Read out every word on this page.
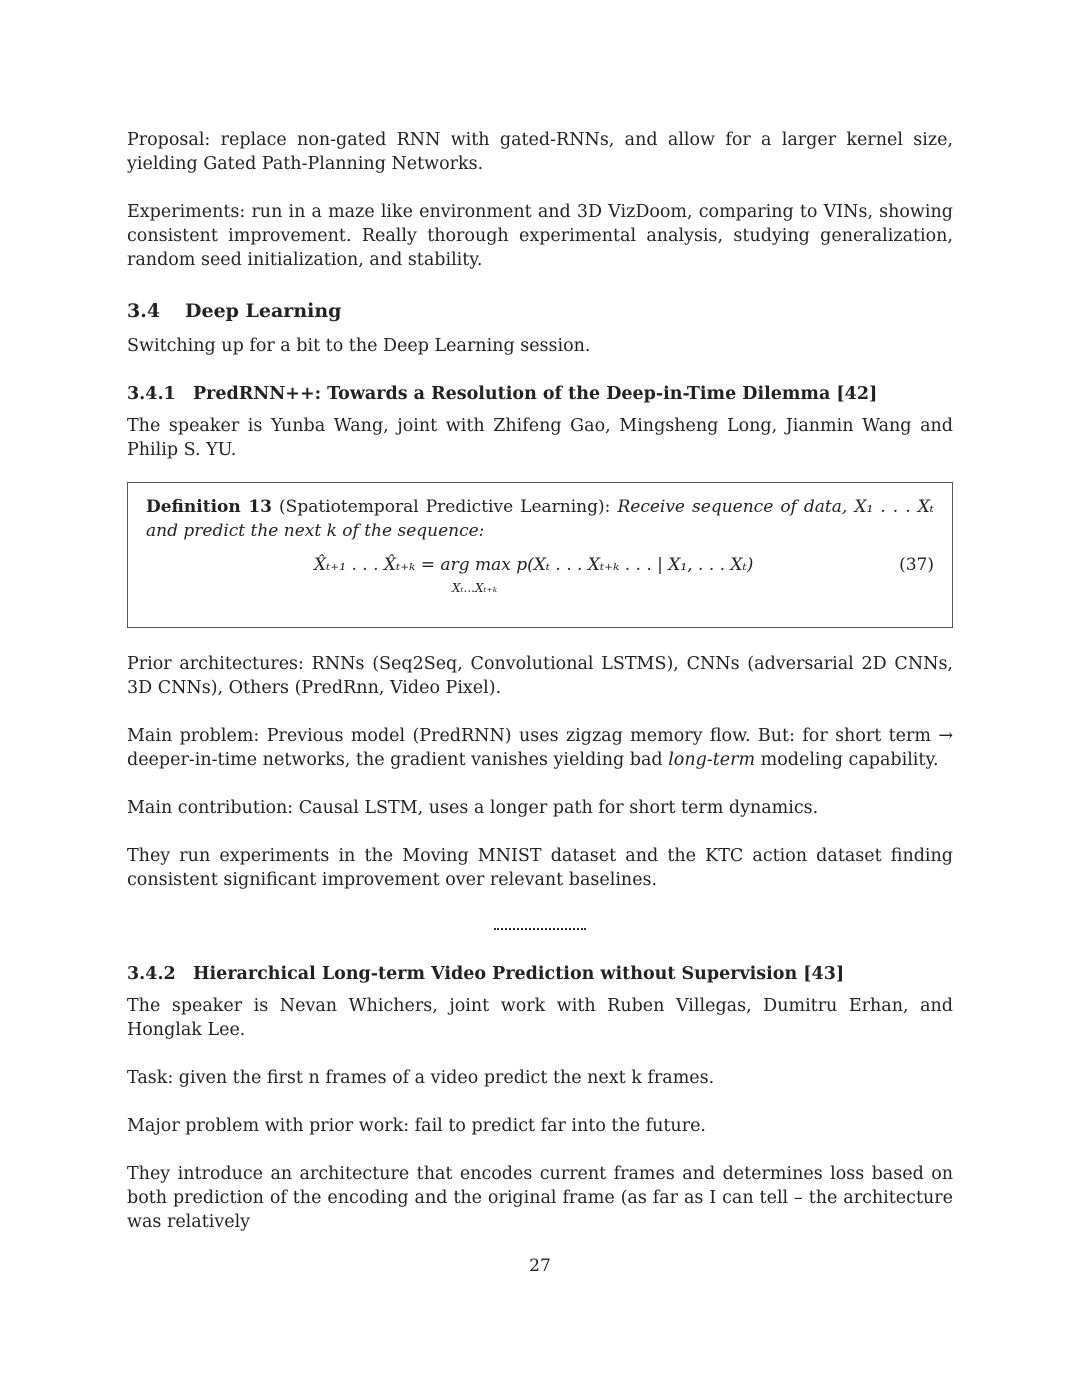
Proposal: replace non-gated RNN with gated-RNNs, and allow for a larger kernel size, yielding Gated Path-Planning Networks.

Experiments: run in a maze like environment and 3D VizDoom, comparing to VINs, showing consistent improvement. Really thorough experimental analysis, studying generalization, random seed initialization, and stability.

3.4 Deep Learning

Switching up for a bit to the Deep Learning session.

3.4.1 PredRNN++: Towards a Resolution of the Deep-in-Time Dilemma [42]

The speaker is Yunba Wang, joint with Zhifeng Gao, Mingsheng Long, Jianmin Wang and Philip S. YU.

Definition 13 (Spatiotemporal Predictive Learning): Receive sequence of data, X₁ . . . Xₜ and predict the next k of the sequence:

X̂ₜ₊₁ . . . X̂ₜ₊ₖ = arg max p(Xₜ . . . Xₜ₊ₖ . . . | X₁, . . . Xₜ)
Xₜ...Xₜ₊ₖ
(37)

Prior architectures: RNNs (Seq2Seq, Convolutional LSTMS), CNNs (adversarial 2D CNNs, 3D CNNs), Others (PredRnn, Video Pixel).

Main problem: Previous model (PredRNN) uses zigzag memory flow. But: for short term → deeper-in-time networks, the gradient vanishes yielding bad long-term modeling capability.

Main contribution: Causal LSTM, uses a longer path for short term dynamics.

They run experiments in the Moving MNIST dataset and the KTC action dataset finding consistent significant improvement over relevant baselines.

3.4.2 Hierarchical Long-term Video Prediction without Supervision [43]

The speaker is Nevan Whichers, joint work with Ruben Villegas, Dumitru Erhan, and Honglak Lee.

Task: given the first n frames of a video predict the next k frames.

Major problem with prior work: fail to predict far into the future.

They introduce an architecture that encodes current frames and determines loss based on both prediction of the encoding and the original frame (as far as I can tell – the architecture was relatively

27
